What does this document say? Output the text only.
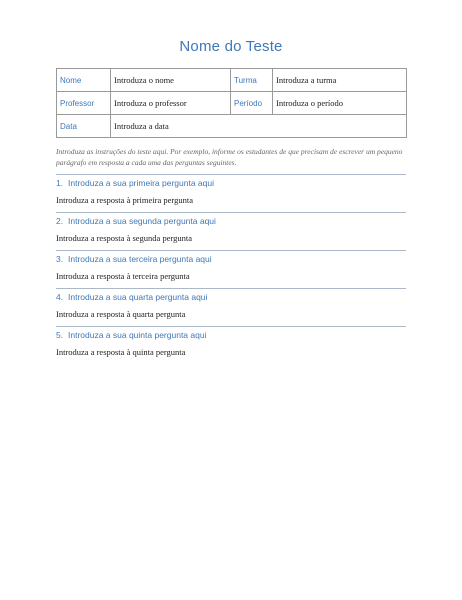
Nome do Teste
Nome	Introduza o nome	Turma	Introduza a turma
Professor	Introduza o professor	Período	Introduza o período
Data	Introduza a data		

Introduza as instruções do teste aqui. Por exemplo, informe os estudantes de que precisam de escrever um pequeno parágrafo em resposta a cada uma das perguntas seguintes.

1. Introduza a sua primeira pergunta aqui
Introduza a resposta à primeira pergunta
2. Introduza a sua segunda pergunta aqui
Introduza a resposta à segunda pergunta
3. Introduza a sua terceira pergunta aqui
Introduza a resposta à terceira pergunta
4. Introduza a sua quarta pergunta aqui
Introduza a resposta à quarta pergunta
5. Introduza a sua quinta pergunta aqui
Introduza a resposta à quinta pergunta
